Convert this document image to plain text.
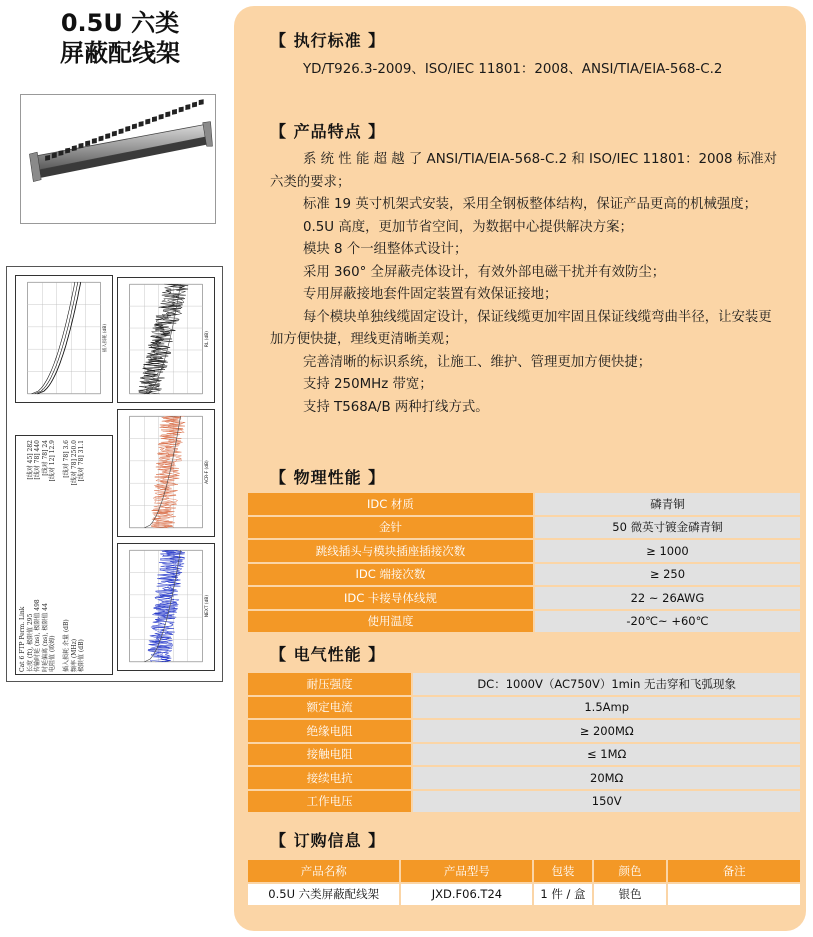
0.5U 六类
屏蔽配线架
Cat 6 FTP Perm. Link 长度 (ft), 极限值 295
[线对 45] 282
传输时延 (ns), 极限值 498
[线对 78] 440
时延偏离 (ns), 极限值 44
[线对 78] 24
电阻值 (欧姆)
[线对 12] 12.9
插入损耗 余量 (dB)
[线对 78] 3.6
频率 (MHz)
[线对 78] 250.0
极限值 (dB)
[线对 78] 31.1
插入损耗 (dB)	RL (dB)
ACR-F (dB)
NEXT (dB)
【 执行标准 】

YD/T926.3-2009、ISO/IEC 11801：2008、ANSI/TIA/EIA-568-C.2

【 产品特点 】

系 统 性 能 超 越 了 ANSI/TIA/EIA-568-C.2 和 ISO/IEC 11801：2008 标准对六类的要求；

标准 19 英寸机架式安装，采用全钢板整体结构，保证产品更高的机械强度；

0.5U 高度，更加节省空间，为数据中心提供解决方案；

模块 8 个一组整体式设计；

采用 360° 全屏蔽壳体设计，有效外部电磁干扰并有效防尘；

专用屏蔽接地套件固定装置有效保证接地；

每个模块单独线缆固定设计，保证线缆更加牢固且保证线缆弯曲半径，让安装更加方便快捷，理线更清晰美观；

完善清晰的标识系统，让施工、维护、管理更加方便快捷；

支持 250MHz 带宽；

支持 T568A/B 两种打线方式。

【 物理性能 】
IDC 材质	磷青铜
金针	50 微英寸镀金磷青铜
跳线插头与模块插座插接次数	≥ 1000
IDC 端接次数	≥ 250
IDC 卡接导体线规	22 ~ 26AWG
使用温度	-20℃~ +60℃
【 电气性能 】
耐压强度	DC：1000V（AC750V）1min 无击穿和飞弧现象
额定电流	1.5Amp
绝缘电阻	≥ 200MΩ
接触电阻	≤ 1MΩ
接续电抗	20MΩ
工作电压	150V
【 订购信息 】
产品名称	产品型号	包装	颜色	备注
0.5U 六类屏蔽配线架	JXD.F06.T24	1 件 / 盒	银色	
